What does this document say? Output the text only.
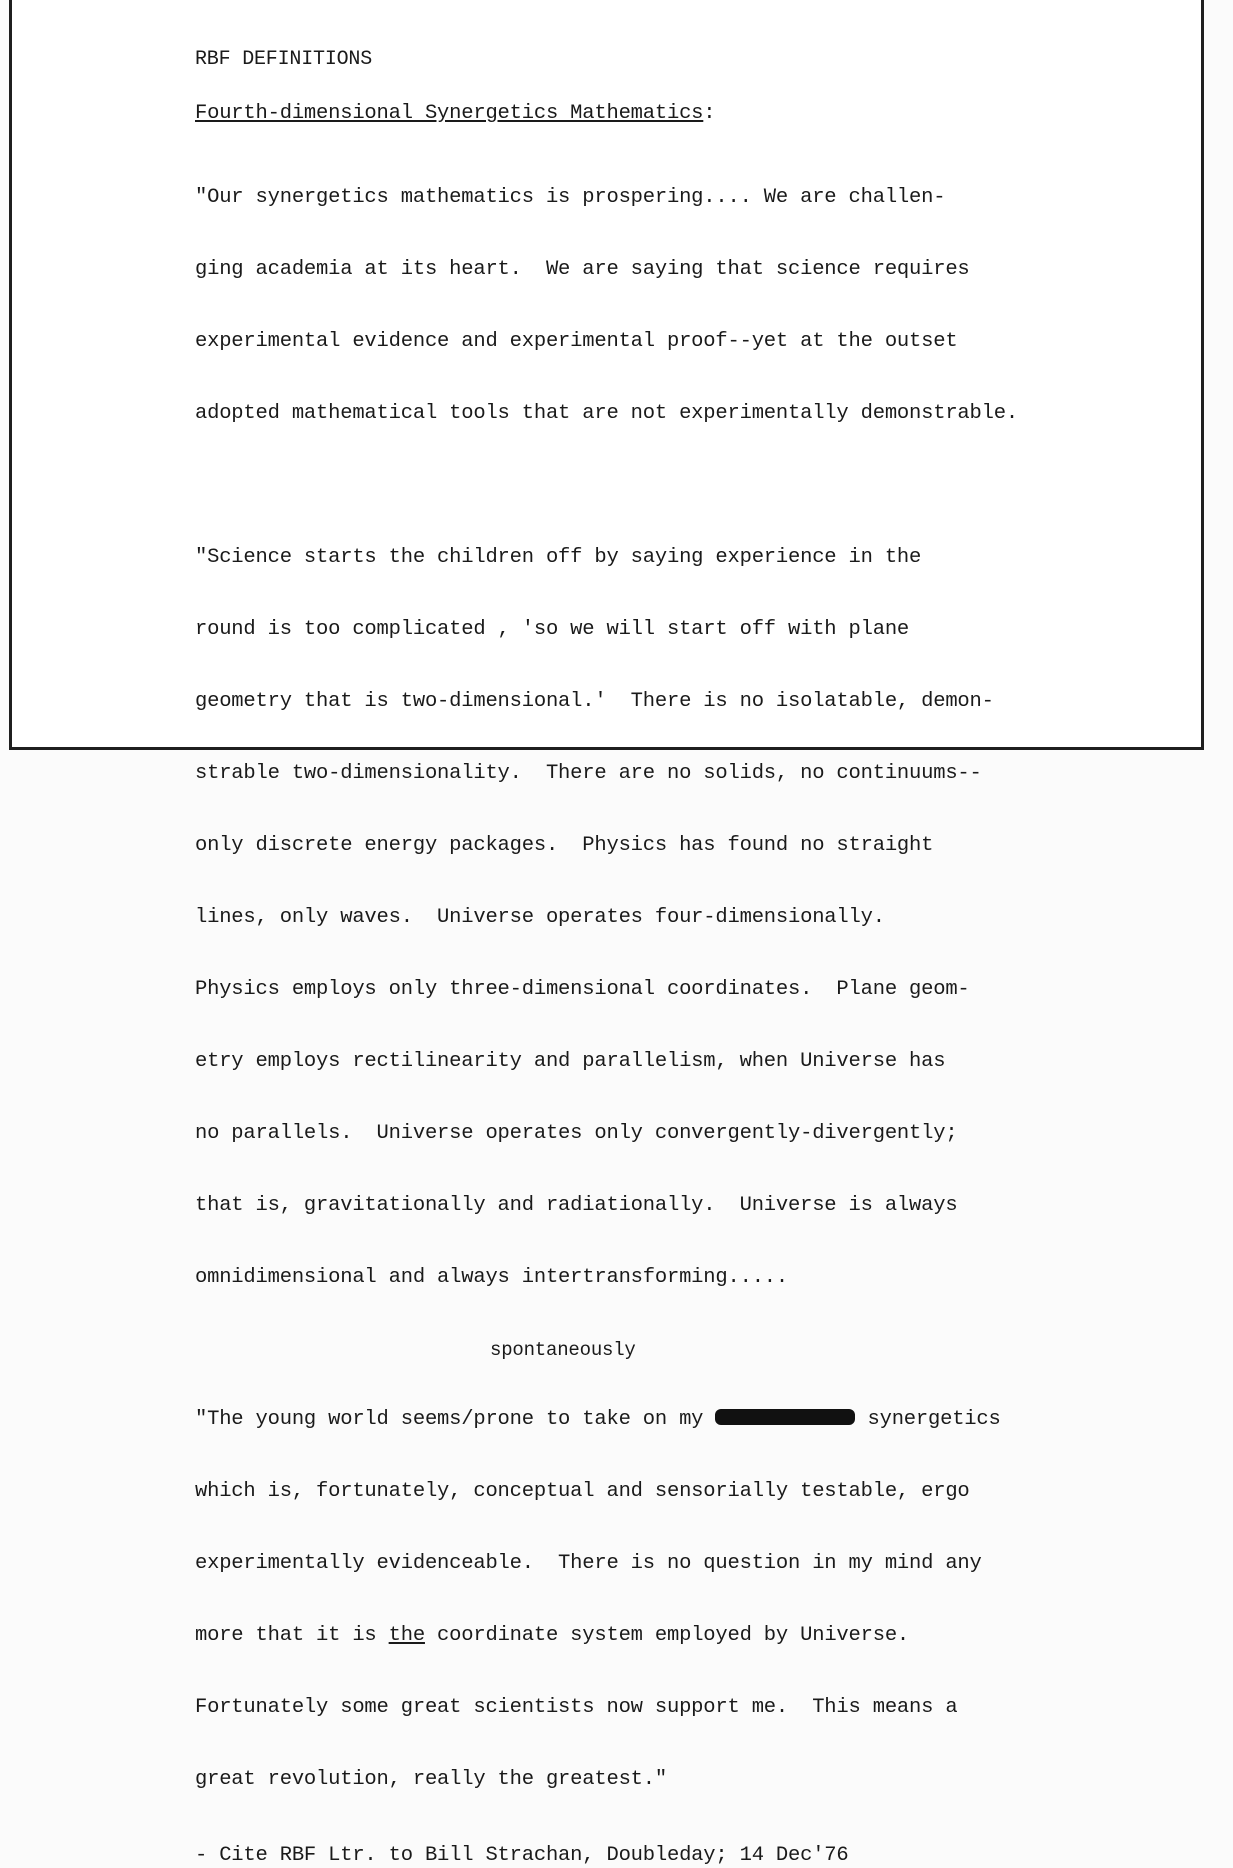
RBF DEFINITIONS
Fourth-dimensional Synergetics Mathematics:

"Our synergetics mathematics is prospering.... We are challen-

ging academia at its heart.  We are saying that science requires

experimental evidence and experimental proof--yet at the outset

adopted mathematical tools that are not experimentally demonstrable.

"Science starts the children off by saying experience in the

round is too complicated , 'so we will start off with plane

geometry that is two-dimensional.'  There is no isolatable, demon-

strable two-dimensionality.  There are no solids, no continuums--

only discrete energy packages.  Physics has found no straight

lines, only waves.  Universe operates four-dimensionally.

Physics employs only three-dimensional coordinates.  Plane geom-

etry employs rectilinearity and parallelism, when Universe has

no parallels.  Universe operates only convergently-divergently;

that is, gravitationally and radiationally.  Universe is always

omnidimensional and always intertransforming.....

spontaneously

"The young world seems/prone to take on my	synergetics

which is, fortunately, conceptual and sensorially testable, ergo

experimentally evidenceable.  There is no question in my mind any

more that it is the coordinate system employed by Universe.

Fortunately some great scientists now support me.  This means a

great revolution, really the greatest."

- Cite RBF Ltr. to Bill Strachan, Doubleday; 14 Dec'76
